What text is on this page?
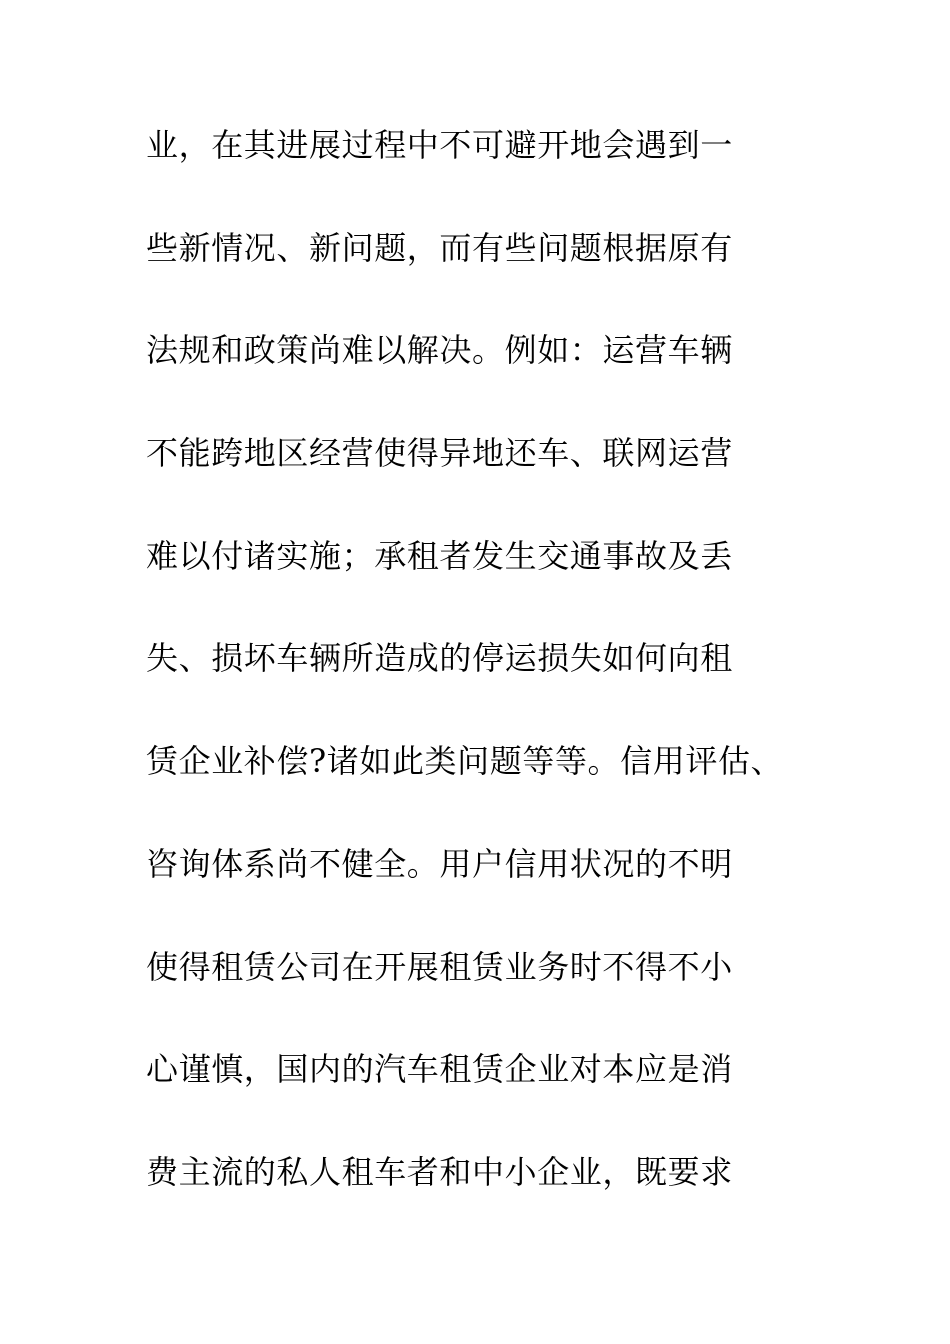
业，在其进展过程中不可避开地会遇到一
些新情况、新问题，而有些问题根据原有
法规和政策尚难以解决。例如：运营车辆
不能跨地区经营使得异地还车、联网运营
难以付诸实施；承租者发生交通事故及丢
失、损坏车辆所造成的停运损失如何向租
赁企业补偿?诸如此类问题等等。信用评估、
咨询体系尚不健全。用户信用状况的不明
使得租赁公司在开展租赁业务时不得不小
心谨慎，国内的汽车租赁企业对本应是消
费主流的私人租车者和中小企业，既要求
